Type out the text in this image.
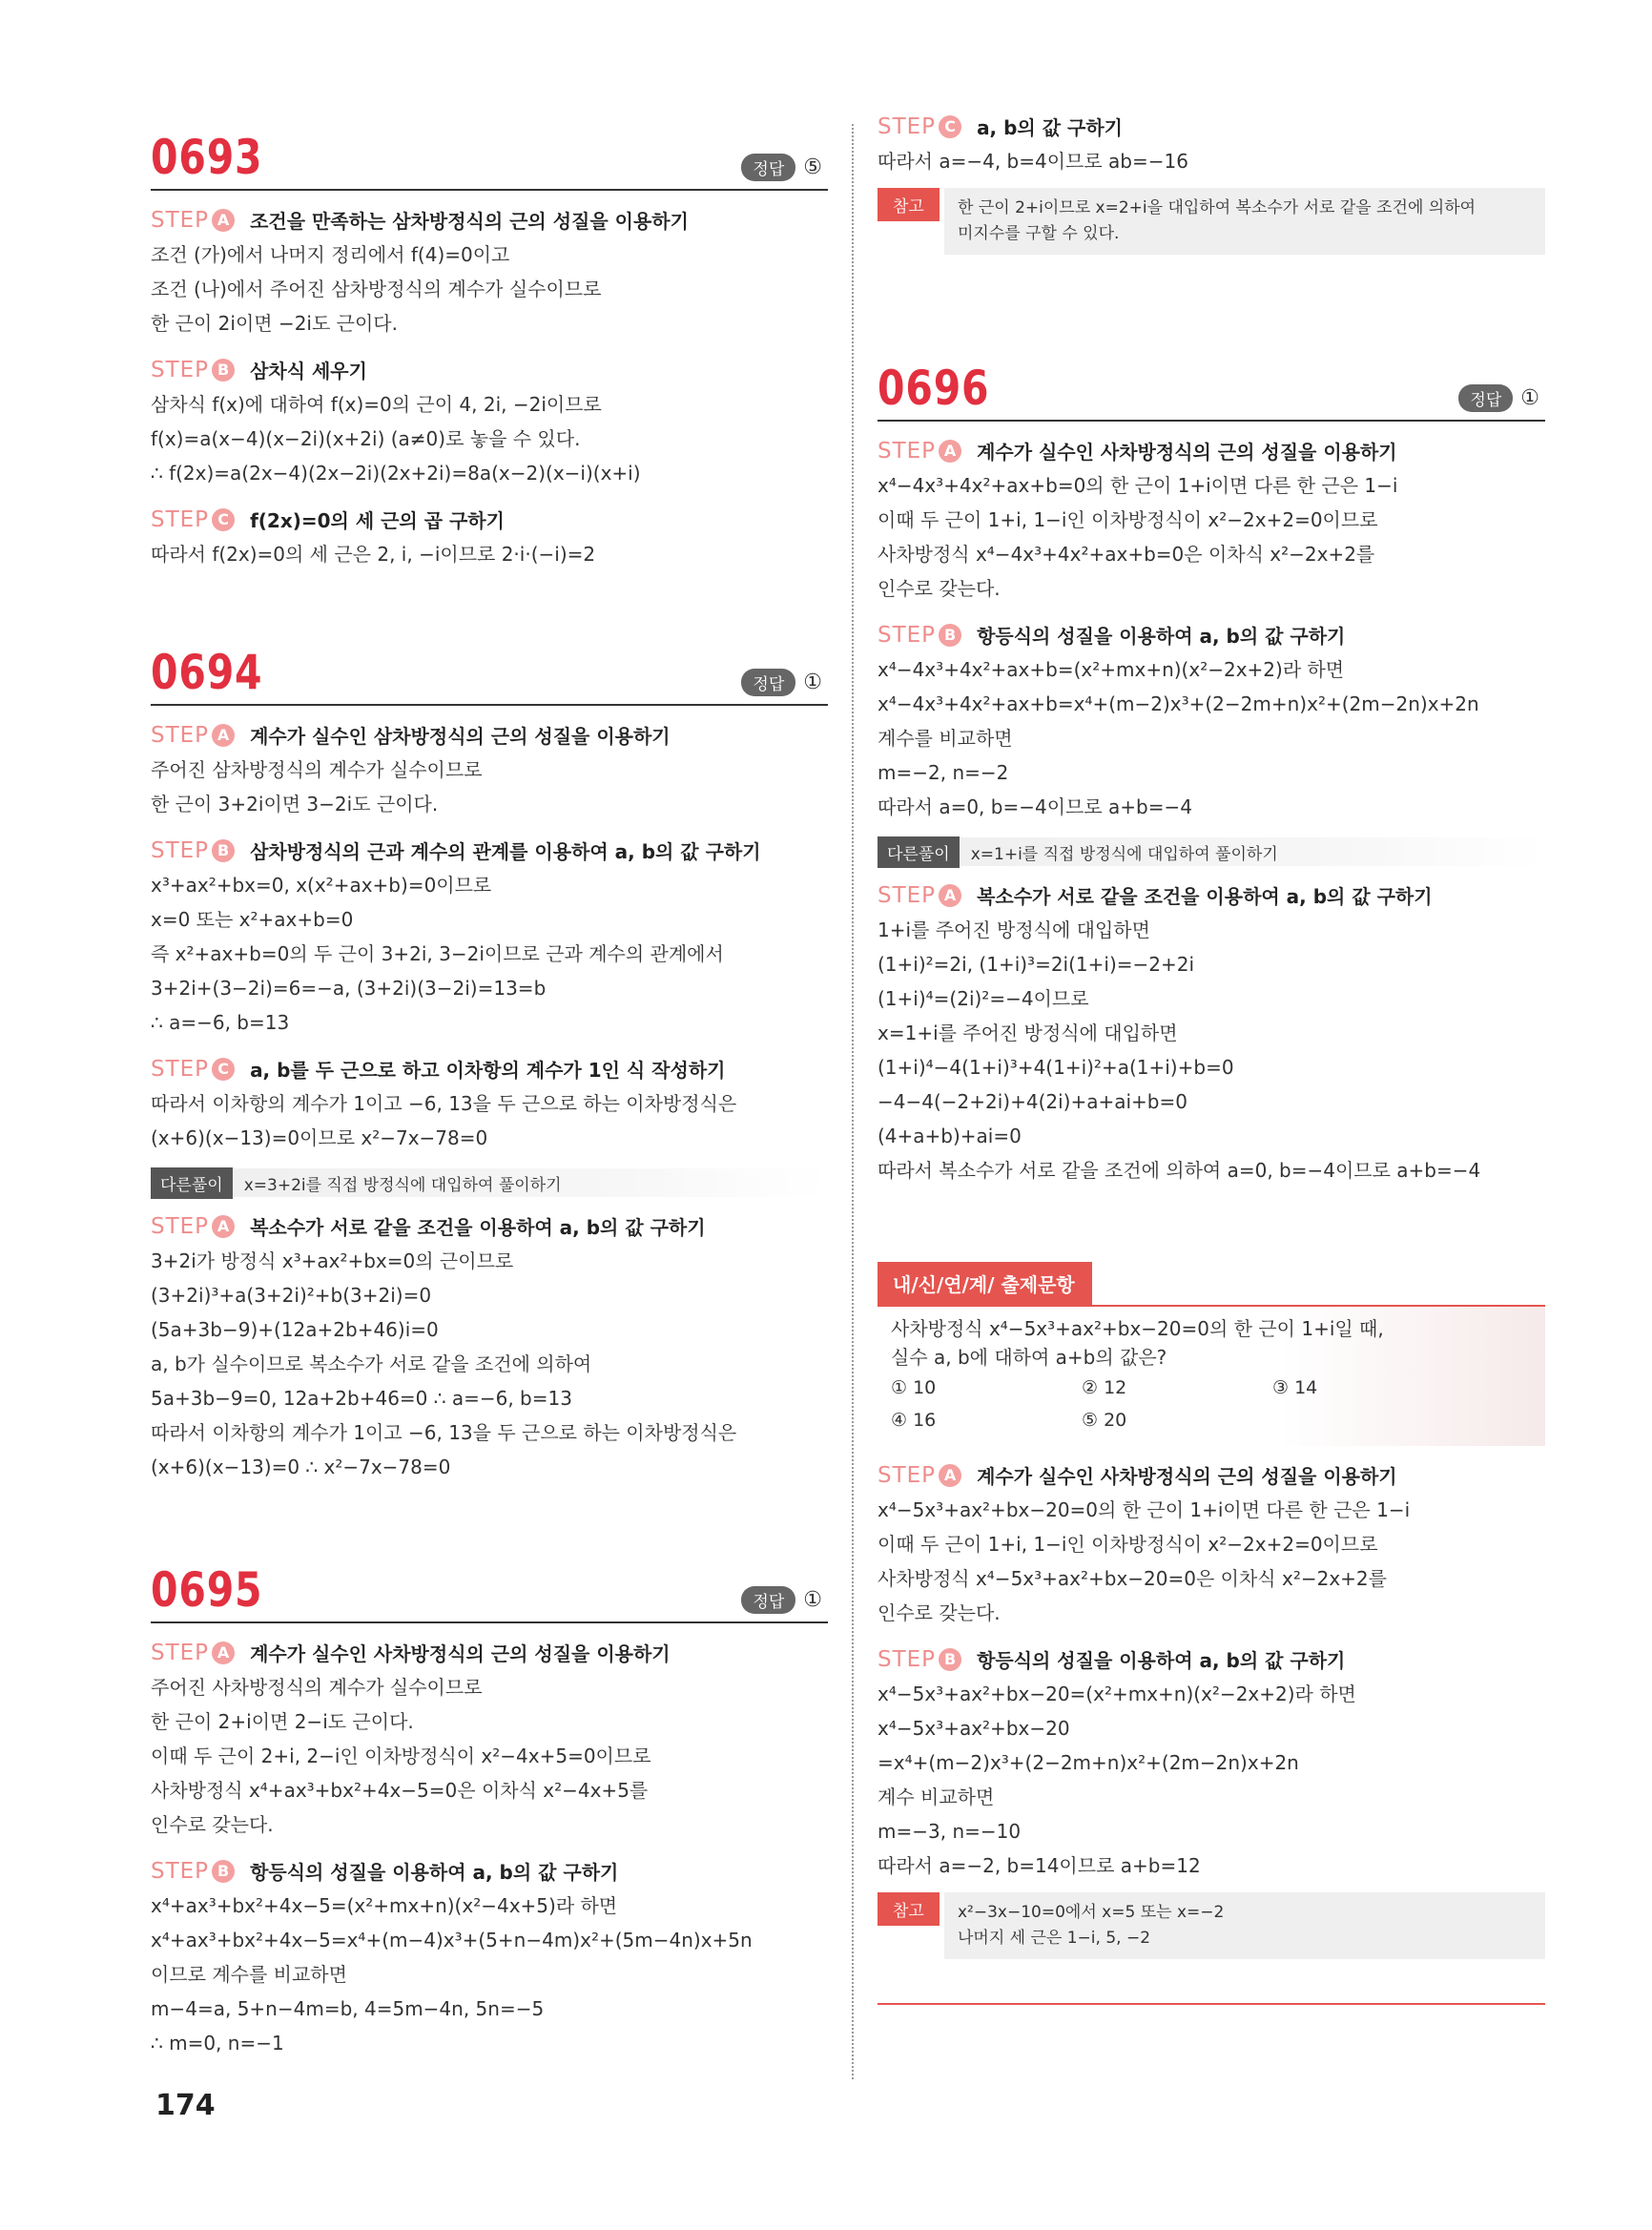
0693	정답 ⑤
STEP A 조건을 만족하는 삼차방정식의 근의 성질을 이용하기
조건 (가)에서 나머지 정리에서 f(4)=0이고
조건 (나)에서 주어진 삼차방정식의 계수가 실수이므로
한 근이 2i이면 −2i도 근이다.
STEP B 삼차식 세우기
삼차식 f(x)에 대하여 f(x)=0의 근이 4, 2i, −2i이므로
f(x)=a(x−4)(x−2i)(x+2i) (a≠0)로 놓을 수 있다.
∴ f(2x)=a(2x−4)(2x−2i)(2x+2i)=8a(x−2)(x−i)(x+i)
STEP C	f(2x)=0의 세 근의 곱 구하기
따라서 f(2x)=0의 세 근은 2, i, −i이므로 2·i·(−i)=2
0694	정답 ①
STEP A 계수가 실수인 삼차방정식의 근의 성질을 이용하기
주어진 삼차방정식의 계수가 실수이므로
한 근이 3+2i이면 3−2i도 근이다.
STEP B 삼차방정식의 근과 계수의 관계를 이용하여 a, b의 값 구하기
x³+ax²+bx=0, x(x²+ax+b)=0이므로
x=0 또는 x²+ax+b=0
즉 x²+ax+b=0의 두 근이 3+2i, 3−2i이므로 근과 계수의 관계에서
3+2i+(3−2i)=6=−a, (3+2i)(3−2i)=13=b
∴ a=−6, b=13
STEP C	a, b를 두 근으로 하고 이차항의 계수가 1인 식 작성하기
따라서 이차항의 계수가 1이고 −6, 13을 두 근으로 하는 이차방정식은
(x+6)(x−13)=0이므로 x²−7x−78=0
다른풀이	x=3+2i를 직접 방정식에 대입하여 풀이하기
STEP A 복소수가 서로 같을 조건을 이용하여 a, b의 값 구하기
3+2i가 방정식 x³+ax²+bx=0의 근이므로
(3+2i)³+a(3+2i)²+b(3+2i)=0
(5a+3b−9)+(12a+2b+46)i=0
a, b가 실수이므로 복소수가 서로 같을 조건에 의하여
5a+3b−9=0, 12a+2b+46=0 ∴ a=−6, b=13
따라서 이차항의 계수가 1이고 −6, 13을 두 근으로 하는 이차방정식은
(x+6)(x−13)=0 ∴ x²−7x−78=0
0695	정답 ①
STEP A 계수가 실수인 사차방정식의 근의 성질을 이용하기
주어진 사차방정식의 계수가 실수이므로
한 근이 2+i이면 2−i도 근이다.
이때 두 근이 2+i, 2−i인 이차방정식이 x²−4x+5=0이므로
사차방정식 x⁴+ax³+bx²+4x−5=0은 이차식 x²−4x+5를
인수로 갖는다.
STEP B 항등식의 성질을 이용하여 a, b의 값 구하기
x⁴+ax³+bx²+4x−5=(x²+mx+n)(x²−4x+5)라 하면
x⁴+ax³+bx²+4x−5=x⁴+(m−4)x³+(5+n−4m)x²+(5m−4n)x+5n
이므로 계수를 비교하면
m−4=a, 5+n−4m=b, 4=5m−4n, 5n=−5
∴ m=0, n=−1
STEP C	a, b의 값 구하기
따라서 a=−4, b=4이므로 ab=−16
참고	한 근이 2+i이므로 x=2+i을 대입하여 복소수가 서로 같을 조건에 의하여
미지수를 구할 수 있다.
0696	정답 ①
STEP A 계수가 실수인 사차방정식의 근의 성질을 이용하기
x⁴−4x³+4x²+ax+b=0의 한 근이 1+i이면 다른 한 근은 1−i
이때 두 근이 1+i, 1−i인 이차방정식이 x²−2x+2=0이므로
사차방정식 x⁴−4x³+4x²+ax+b=0은 이차식 x²−2x+2를
인수로 갖는다.
STEP B 항등식의 성질을 이용하여 a, b의 값 구하기
x⁴−4x³+4x²+ax+b=(x²+mx+n)(x²−2x+2)라 하면
x⁴−4x³+4x²+ax+b=x⁴+(m−2)x³+(2−2m+n)x²+(2m−2n)x+2n
계수를 비교하면
m=−2, n=−2
따라서 a=0, b=−4이므로 a+b=−4
다른풀이	x=1+i를 직접 방정식에 대입하여 풀이하기
STEP A 복소수가 서로 같을 조건을 이용하여 a, b의 값 구하기
1+i를 주어진 방정식에 대입하면
(1+i)²=2i, (1+i)³=2i(1+i)=−2+2i
(1+i)⁴=(2i)²=−4이므로
x=1+i를 주어진 방정식에 대입하면
(1+i)⁴−4(1+i)³+4(1+i)²+a(1+i)+b=0
−4−4(−2+2i)+4(2i)+a+ai+b=0
(4+a+b)+ai=0
따라서 복소수가 서로 같을 조건에 의하여 a=0, b=−4이므로 a+b=−4
내/신/연/계/ 출제문항
사차방정식 x⁴−5x³+ax²+bx−20=0의 한 근이 1+i일 때,
실수 a, b에 대하여 a+b의 값은?
① 10	② 12	③ 14
④ 16	⑤ 20
STEP A 계수가 실수인 사차방정식의 근의 성질을 이용하기
x⁴−5x³+ax²+bx−20=0의 한 근이 1+i이면 다른 한 근은 1−i
이때 두 근이 1+i, 1−i인 이차방정식이 x²−2x+2=0이므로
사차방정식 x⁴−5x³+ax²+bx−20=0은 이차식 x²−2x+2를
인수로 갖는다.
STEP B 항등식의 성질을 이용하여 a, b의 값 구하기
x⁴−5x³+ax²+bx−20=(x²+mx+n)(x²−2x+2)라 하면
x⁴−5x³+ax²+bx−20
=x⁴+(m−2)x³+(2−2m+n)x²+(2m−2n)x+2n
계수 비교하면
m=−3, n=−10
따라서 a=−2, b=14이므로 a+b=12
참고	x²−3x−10=0에서 x=5 또는 x=−2
나머지 세 근은 1−i, 5, −2
174
